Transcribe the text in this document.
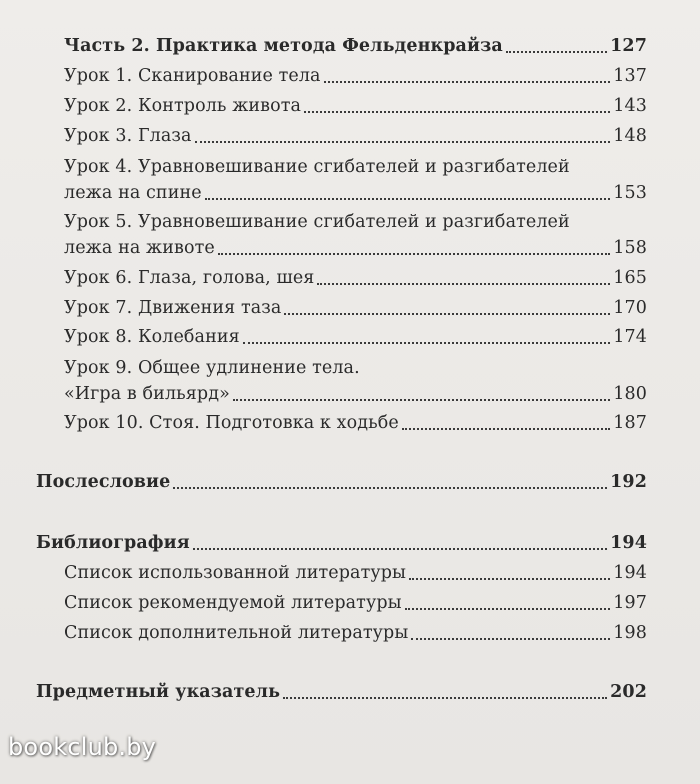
Часть 2. Практика метода Фельденкрайза	127
Урок 1. Сканирование тела	137
Урок 2. Контроль живота	143
Урок 3. Глаза	148
Урок 4. Уравновешивание сгибателей и разгибателей
лежа на спине	153
Урок 5. Уравновешивание сгибателей и разгибателей
лежа на животе	158
Урок 6. Глаза, голова, шея	165
Урок 7. Движения таза	170
Урок 8. Колебания	174
Урок 9. Общее удлинение тела.
«Игра в бильярд»	180
Урок 10. Стоя. Подготовка к ходьбе	187
Послесловие	192
Библиография	194
Список использованной литературы	194
Список рекомендуемой литературы	197
Список дополнительной литературы	198
Предметный указатель	202
bookclub.by
